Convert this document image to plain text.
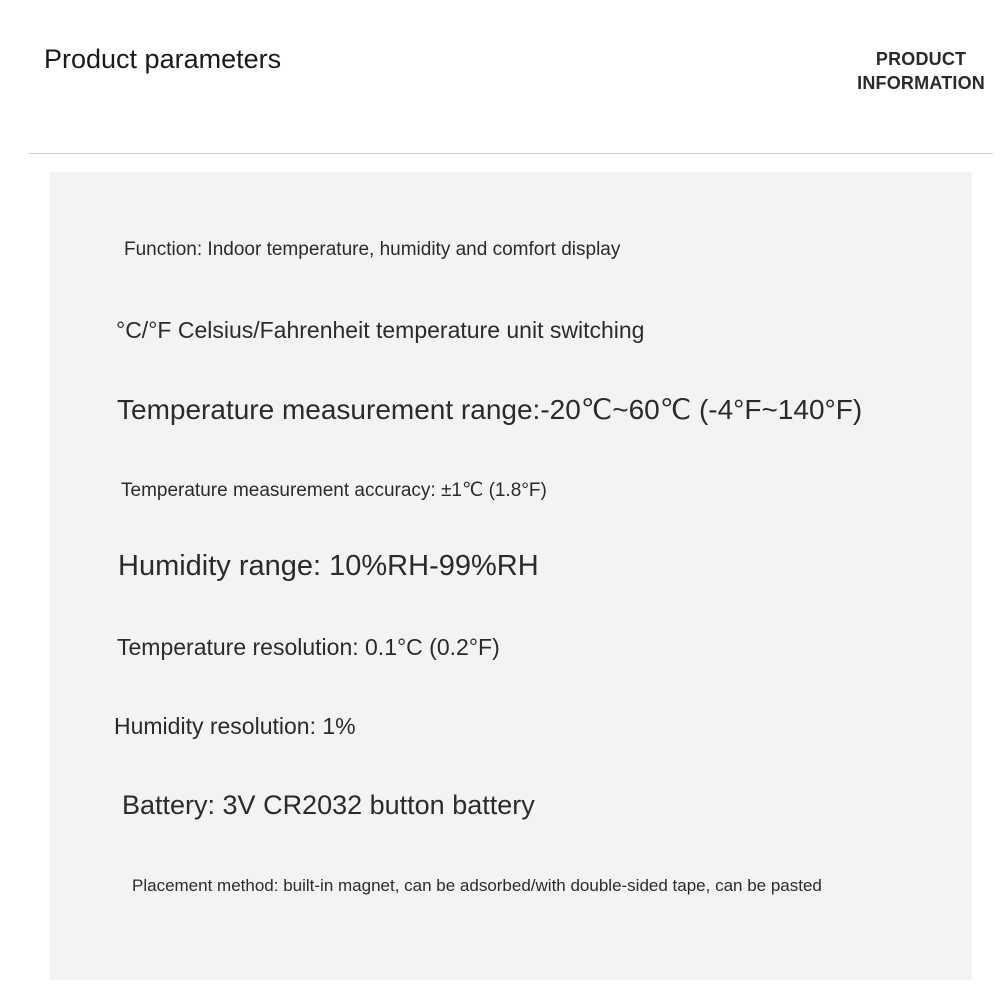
Product parameters	PRODUCT
INFORMATION
Function: Indoor temperature, humidity and comfort display
°C/°F Celsius/Fahrenheit temperature unit switching
Temperature measurement range:-20℃~60℃ (-4°F~140°F)
Temperature measurement accuracy: ±1℃ (1.8°F)
Humidity range: 10%RH-99%RH
Temperature resolution: 0.1°C (0.2°F)
Humidity resolution: 1%
Battery: 3V CR2032 button battery
Placement method: built-in magnet, can be adsorbed/with double-sided tape, can be pasted
